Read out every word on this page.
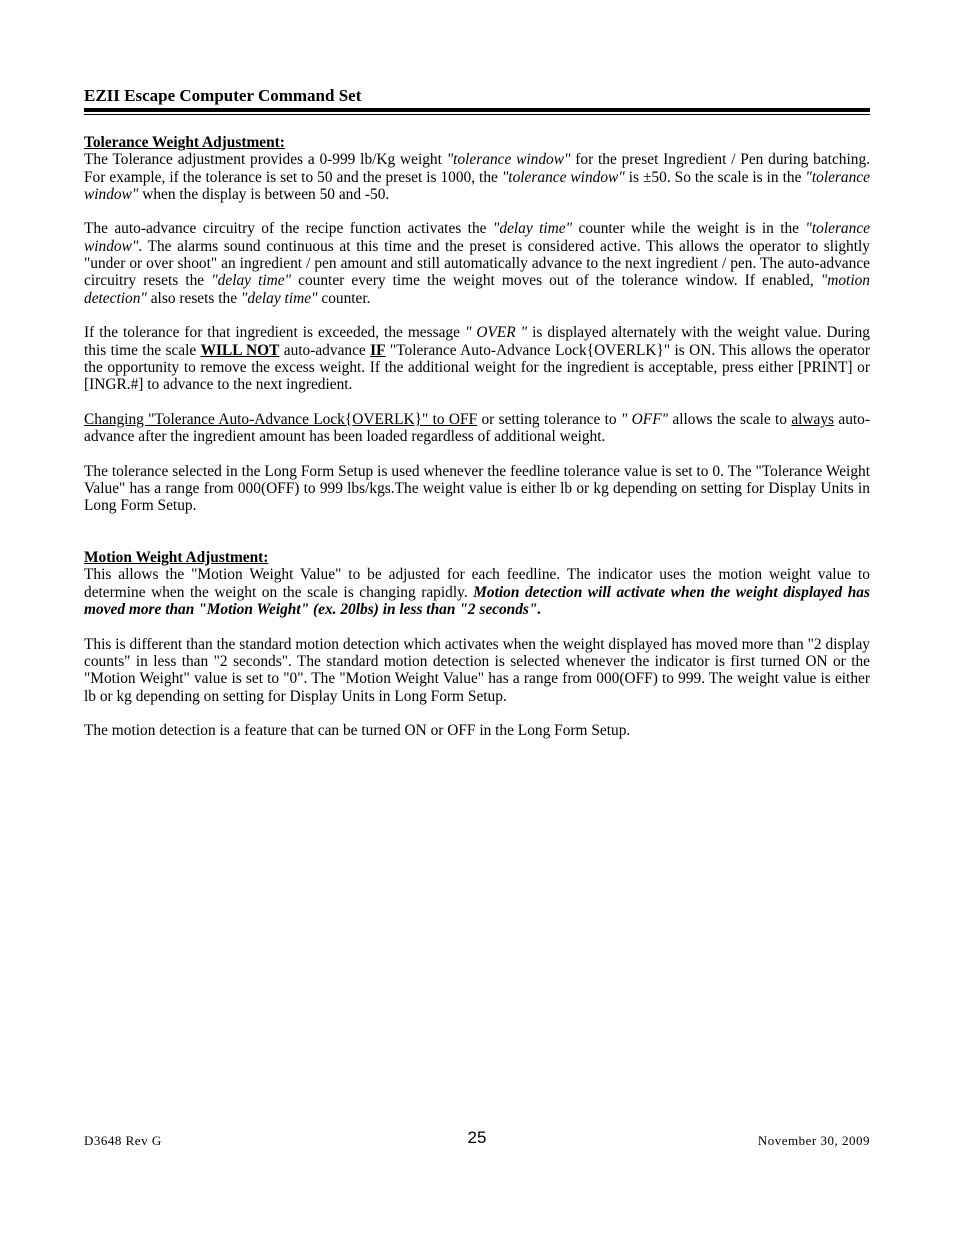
EZII Escape Computer Command Set
Tolerance Weight Adjustment:

The Tolerance adjustment provides a 0-999 lb/Kg weight "tolerance window" for the preset Ingredient / Pen during batching. For example, if the tolerance is set to 50 and the preset is 1000, the "tolerance window" is ±50. So the scale is in the "tolerance window" when the display is between 50 and -50.

The auto-advance circuitry of the recipe function activates the "delay time" counter while the weight is in the "tolerance window". The alarms sound continuous at this time and the preset is considered active. This allows the operator to slightly "under or over shoot" an ingredient / pen amount and still automatically advance to the next ingredient / pen. The auto-advance circuitry resets the "delay time" counter every time the weight moves out of the tolerance window. If enabled, "motion detection" also resets the "delay time" counter.

If the tolerance for that ingredient is exceeded, the message " OVER " is displayed alternately with the weight value. During this time the scale WILL NOT auto-advance IF "Tolerance Auto-Advance Lock{OVERLK}" is ON. This allows the operator the opportunity to remove the excess weight. If the additional weight for the ingredient is acceptable, press either [PRINT] or [INGR.#] to advance to the next ingredient.

Changing "Tolerance Auto-Advance Lock{OVERLK}" to OFF or setting tolerance to " OFF" allows the scale to always auto-advance after the ingredient amount has been loaded regardless of additional weight.

The tolerance selected in the Long Form Setup is used whenever the feedline tolerance value is set to 0. The "Tolerance Weight Value" has a range from 000(OFF) to 999 lbs/kgs.The weight value is either lb or kg depending on setting for Display Units in Long Form Setup.

Motion Weight Adjustment:

This allows the "Motion Weight Value" to be adjusted for each feedline. The indicator uses the motion weight value to determine when the weight on the scale is changing rapidly. Motion detection will activate when the weight displayed has moved more than "Motion Weight" (ex. 20lbs) in less than "2 seconds".

This is different than the standard motion detection which activates when the weight displayed has moved more than "2 display counts" in less than "2 seconds". The standard motion detection is selected whenever the indicator is first turned ON or the "Motion Weight" value is set to "0". The "Motion Weight Value" has a range from 000(OFF) to 999. The weight value is either lb or kg depending on setting for Display Units in Long Form Setup.

The motion detection is a feature that can be turned ON or OFF in the Long Form Setup.

D3648 Rev G	25	November 30, 2009
